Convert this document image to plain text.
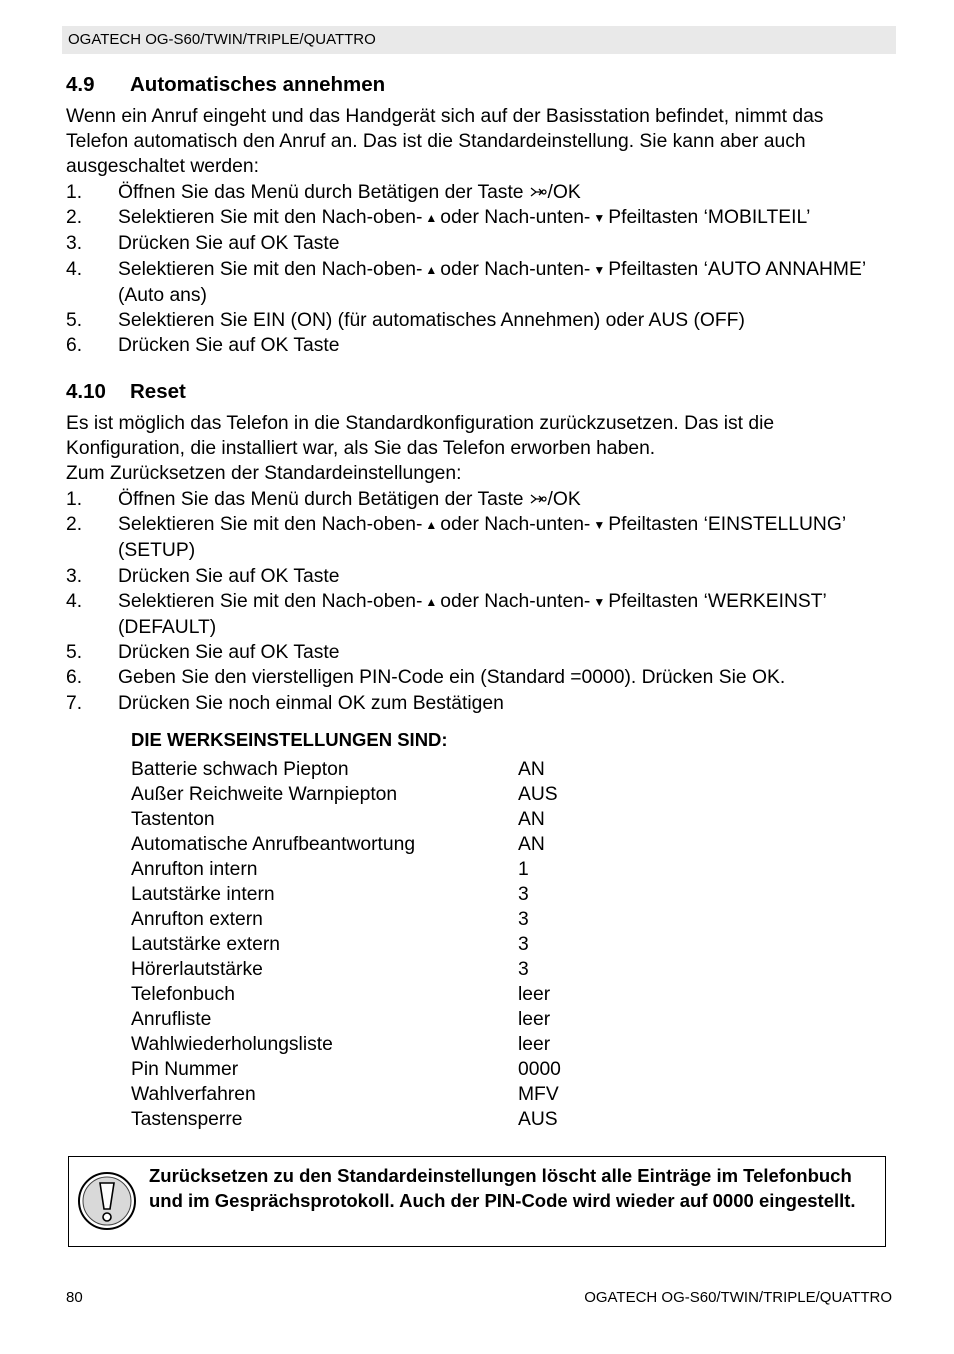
OGATECH OG-S60/TWIN/TRIPLE/QUATTRO
4.9 Automatisches annehmen
Wenn ein Anruf eingeht und das Handgerät sich auf der Basisstation befindet, nimmt das Telefon automatisch den Anruf an. Das ist die Standardeinstellung. Sie kann aber auch ausgeschaltet werden:
1. Öffnen Sie das Menü durch Betätigen der Taste /OK
2. Selektieren Sie mit den Nach-oben- ▲ oder Nach-unten- ▼ Pfeiltasten ‘MOBILTEIL’
3. Drücken Sie auf OK Taste
4. Selektieren Sie mit den Nach-oben- ▲ oder Nach-unten- ▼ Pfeiltasten ‘AUTO ANNAHME’ (Auto ans)
5. Selektieren Sie EIN (ON) (für automatisches Annehmen) oder AUS (OFF)
6. Drücken Sie auf OK Taste
4.10 Reset
Es ist möglich das Telefon in die Standardkonfiguration zurückzusetzen. Das ist die Konfiguration, die installiert war, als Sie das Telefon erworben haben.
Zum Zurücksetzen der Standardeinstellungen:
1. Öffnen Sie das Menü durch Betätigen der Taste /OK
2. Selektieren Sie mit den Nach-oben- ▲ oder Nach-unten- ▼ Pfeiltasten ‘EINSTELLUNG’ (SETUP)
3. Drücken Sie auf OK Taste
4. Selektieren Sie mit den Nach-oben- ▲ oder Nach-unten- ▼ Pfeiltasten ‘WERKEINST’ (DEFAULT)
5. Drücken Sie auf OK Taste
6. Geben Sie den vierstelligen PIN-Code ein (Standard =0000). Drücken Sie OK.
7. Drücken Sie noch einmal OK zum Bestätigen
DIE WERKSEINSTELLUNGEN SIND:
Batterie schwach Piepton	AN
Außer Reichweite Warnpiepton	AUS
Tastenton	AN
Automatische Anrufbeantwortung	AN
Anrufton intern	1
Lautstärke intern	3
Anrufton extern	3
Lautstärke extern	3
Hörerlautstärke	3
Telefonbuch	leer
Anrufliste	leer
Wahlwiederholungsliste	leer
Pin Nummer	0000
Wahlverfahren	MFV
Tastensperre	AUS
Zurücksetzen zu den Standardeinstellungen löscht alle Einträge im Telefonbuch und im Gesprächsprotokoll. Auch der PIN-Code wird wieder auf 0000 eingestellt.
80	OGATECH OG-S60/TWIN/TRIPLE/QUATTRO
